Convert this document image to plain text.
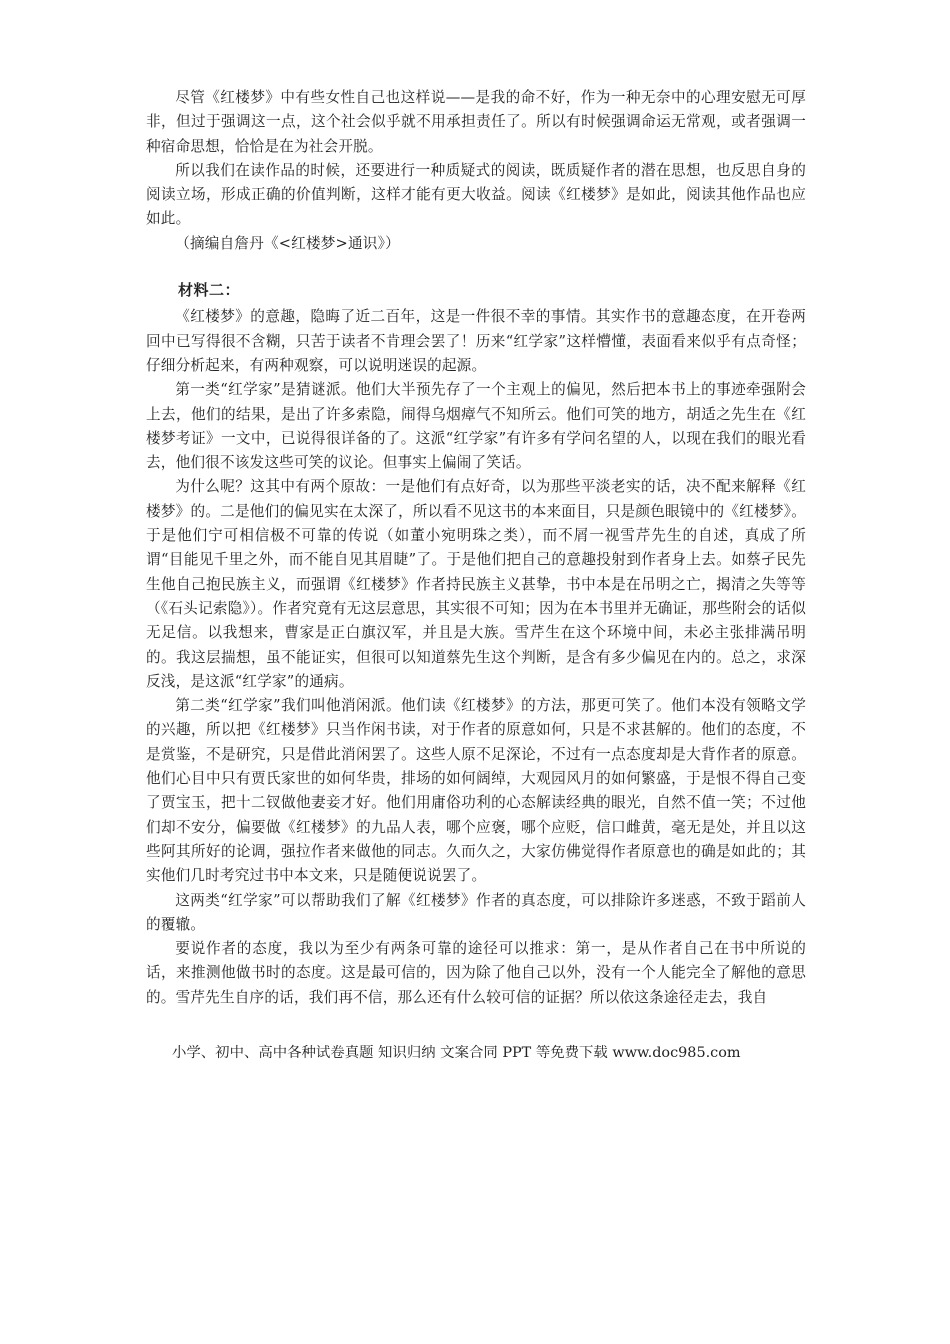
尽管《红楼梦》中有些女性自己也这样说——是我的命不好，作为一种无奈中的心理安慰无可厚非，但过于强调这一点，这个社会似乎就不用承担责任了。所以有时候强调命运无常观，或者强调一种宿命思想，恰恰是在为社会开脱。

所以我们在读作品的时候，还要进行一种质疑式的阅读，既质疑作者的潜在思想，也反思自身的阅读立场，形成正确的价值判断，这样才能有更大收益。阅读《红楼梦》是如此，阅读其他作品也应如此。

（摘编自詹丹《<红楼梦>通识》）

材料二：

《红楼梦》的意趣，隐晦了近二百年，这是一件很不幸的事情。其实作书的意趣态度，在开卷两回中已写得很不含糊，只苦于读者不肯理会罢了！历来“红学家”这样懵懂，表面看来似乎有点奇怪；仔细分析起来，有两种观察，可以说明迷误的起源。

第一类“红学家”是猜谜派。他们大半预先存了一个主观上的偏见，然后把本书上的事迹牵强附会上去，他们的结果，是出了许多索隐，闹得乌烟瘴气不知所云。他们可笑的地方，胡适之先生在《红楼梦考证》一文中，已说得很详备的了。这派“红学家”有许多有学问名望的人，以现在我们的眼光看去，他们很不该发这些可笑的议论。但事实上偏闹了笑话。

为什么呢？这其中有两个原故：一是他们有点好奇，以为那些平淡老实的话，决不配来解释《红楼梦》的。二是他们的偏见实在太深了，所以看不见这书的本来面目，只是颜色眼镜中的《红楼梦》。于是他们宁可相信极不可靠的传说（如董小宛明珠之类），而不屑一视雪芹先生的自述，真成了所谓“目能见千里之外，而不能自见其眉睫”了。于是他们把自己的意趣投射到作者身上去。如蔡孑民先生他自己抱民族主义，而强谓《红楼梦》作者持民族主义甚挚，书中本是在吊明之亡，揭清之失等等（《石头记索隐》）。作者究竟有无这层意思，其实很不可知；因为在本书里并无确证，那些附会的话似无足信。以我想来，曹家是正白旗汉军，并且是大族。雪芹生在这个环境中间，未必主张排满吊明的。我这层揣想，虽不能证实，但很可以知道蔡先生这个判断，是含有多少偏见在内的。总之，求深反浅，是这派“红学家”的通病。

第二类“红学家”我们叫他消闲派。他们读《红楼梦》的方法，那更可笑了。他们本没有领略文学的兴趣，所以把《红楼梦》只当作闲书读，对于作者的原意如何，只是不求甚解的。他们的态度，不是赏鉴，不是研究，只是借此消闲罢了。这些人原不足深论，不过有一点态度却是大背作者的原意。他们心目中只有贾氏家世的如何华贵，排场的如何阔绰，大观园风月的如何繁盛，于是恨不得自己变了贾宝玉，把十二钗做他妻妾才好。他们用庸俗功利的心态解读经典的眼光，自然不值一笑；不过他们却不安分，偏要做《红楼梦》的九品人表，哪个应褒，哪个应贬，信口雌黄，毫无是处，并且以这些阿其所好的论调，强拉作者来做他的同志。久而久之，大家仿佛觉得作者原意也的确是如此的；其实他们几时考究过书中本文来，只是随便说说罢了。

这两类“红学家”可以帮助我们了解《红楼梦》作者的真态度，可以排除许多迷惑，不致于蹈前人的覆辙。

要说作者的态度，我以为至少有两条可靠的途径可以推求：第一，是从作者自己在书中所说的话，来推测他做书时的态度。这是最可信的，因为除了他自己以外，没有一个人能完全了解他的意思的。雪芹先生自序的话，我们再不信，那么还有什么较可信的证据？所以依这条途径走去，我自

小学、初中、高中各种试卷真题 知识归纳 文案合同 PPT 等免费下载 www.doc985.com
